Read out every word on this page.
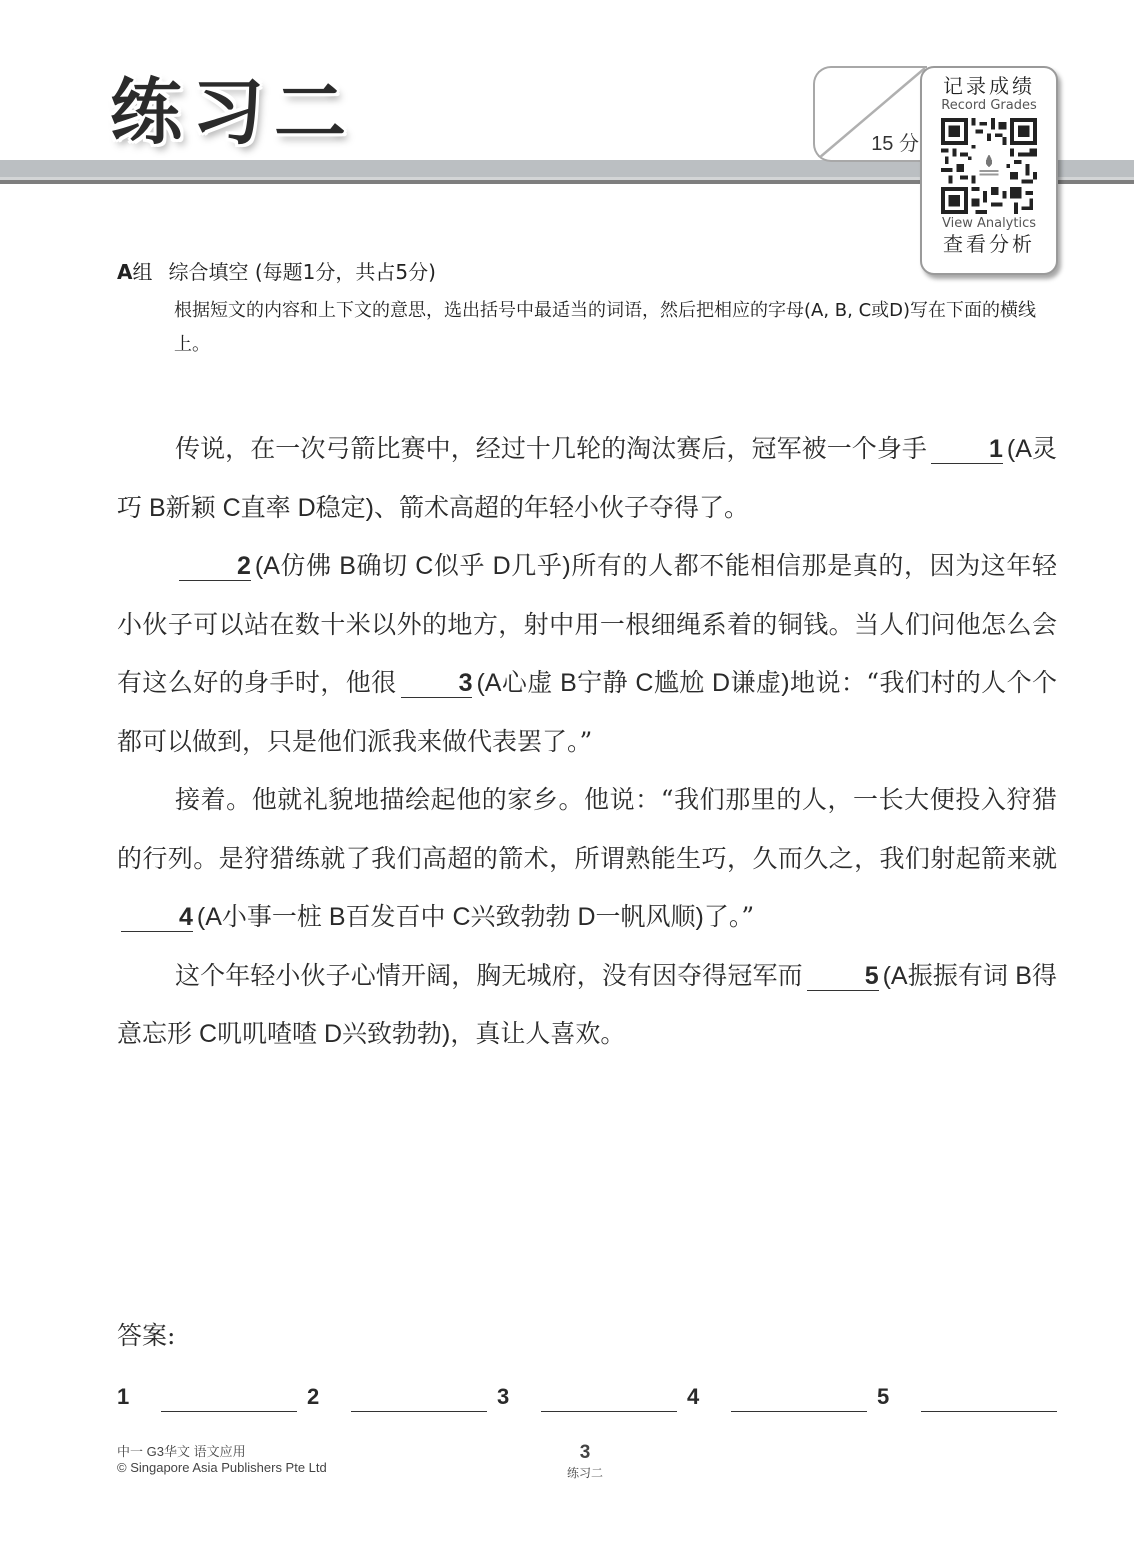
练习二	15 分
记录成绩
Record Grades
View Analytics
查看分析
A组 综合填空 (每题1分，共占5分)
根据短文的内容和上下文的意思，选出括号中最适当的词语，然后把相应的字母(A, B, C或D)写在下面的横线上。

传说，在一次弓箭比赛中，经过十几轮的淘汰赛后，冠军被一个身手 1 (A灵巧 B新颖 C直率 D稳定)、箭术高超的年轻小伙子夺得了。

2 (A仿佛 B确切 C似乎 D几乎)所有的人都不能相信那是真的，因为这年轻小伙子可以站在数十米以外的地方，射中用一根细绳系着的铜钱。当人们问他怎么会有这么好的身手时，他很 3 (A心虚 B宁静 C尴尬 D谦虚)地说：“我们村的人个个都可以做到，只是他们派我来做代表罢了。”

接着。他就礼貌地描绘起他的家乡。他说：“我们那里的人，一长大便投入狩猎的行列。是狩猎练就了我们高超的箭术，所谓熟能生巧，久而久之，我们射起箭来就4 (A小事一桩 B百发百中 C兴致勃勃 D一帆风顺)了。”

这个年轻小伙子心情开阔，胸无城府，没有因夺得冠军而 5 (A振振有词 B得意忘形 C叽叽喳喳 D兴致勃勃)，真让人喜欢。

答案:
1	2	3	4	5
中一 G3华文 语文应用
© Singapore Asia Publishers Pte Ltd
3
练习二
